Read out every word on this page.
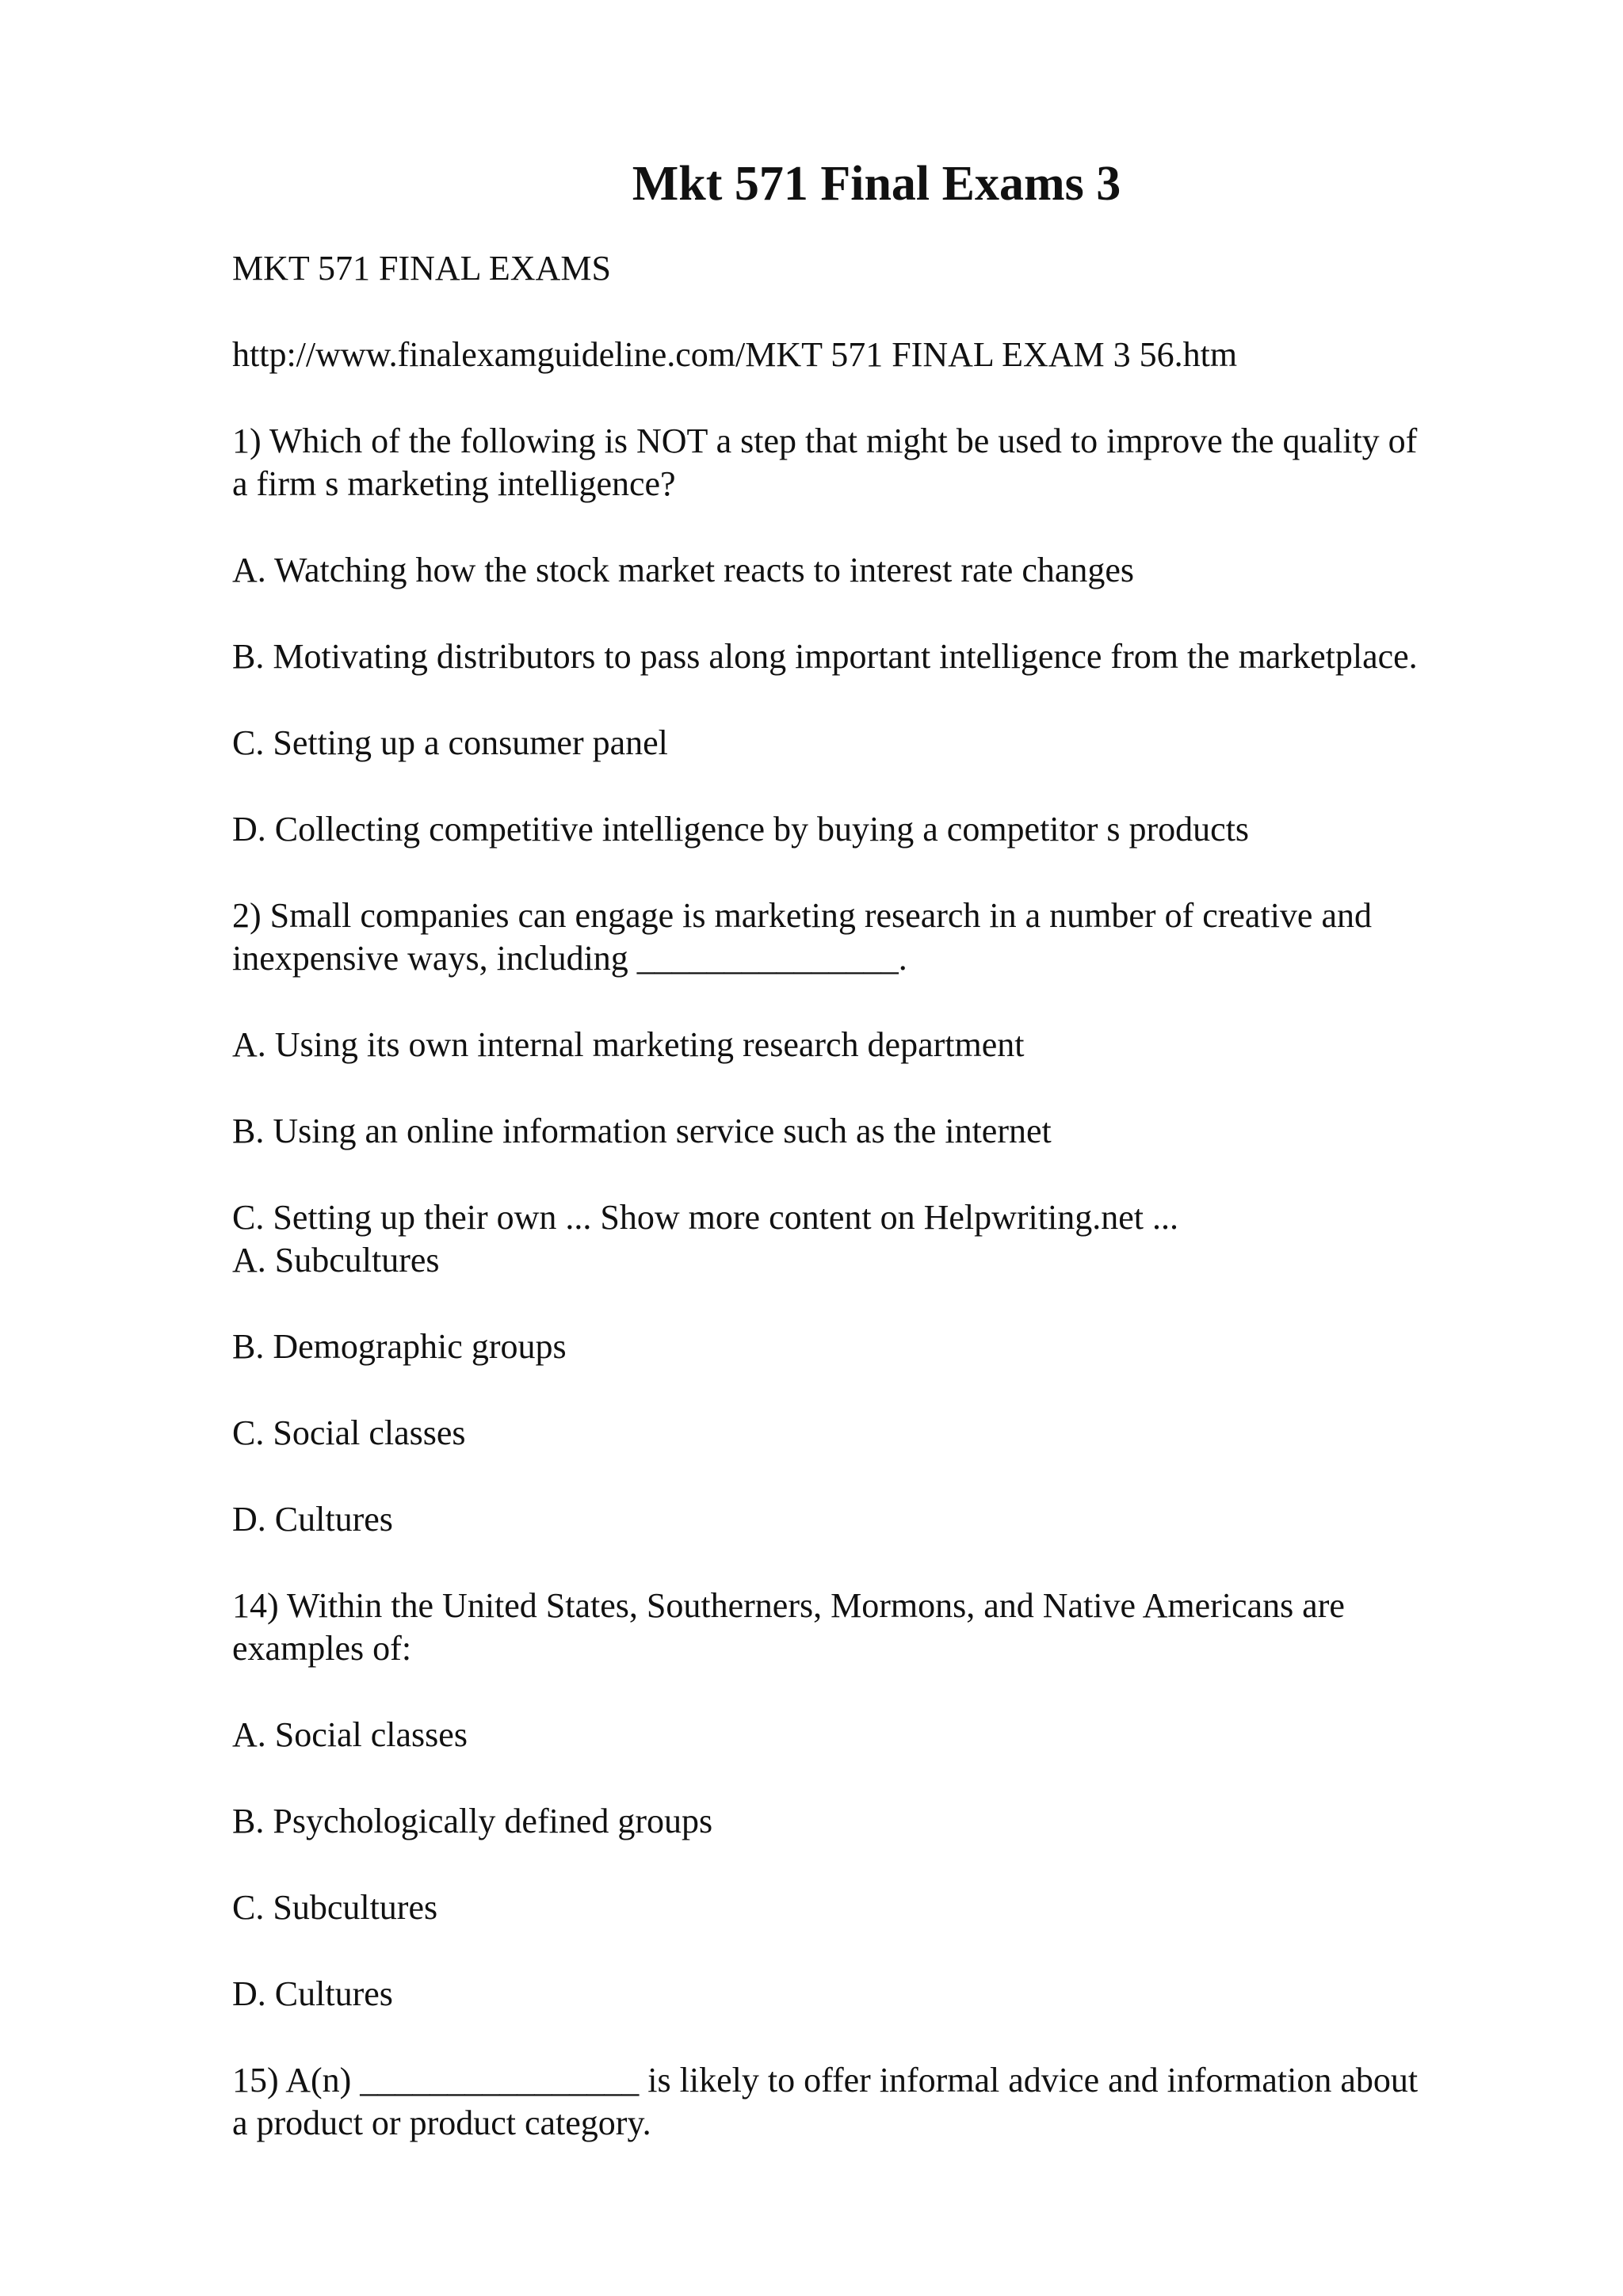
Mkt 571 Final Exams 3

MKT 571 FINAL EXAMS

http://www.finalexamguideline.com/MKT 571 FINAL EXAM 3 56.htm

1) Which of the following is NOT a step that might be used to improve the quality of
a firm s marketing intelligence?

A. Watching how the stock market reacts to interest rate changes

B. Motivating distributors to pass along important intelligence from the marketplace.

C. Setting up a consumer panel

D. Collecting competitive intelligence by buying a competitor s products

2) Small companies can engage is marketing research in a number of creative and
inexpensive ways, including _______________.

A. Using its own internal marketing research department

B. Using an online information service such as the internet

C. Setting up their own ... Show more content on Helpwriting.net ...
A. Subcultures

B. Demographic groups

C. Social classes

D. Cultures

14) Within the United States, Southerners, Mormons, and Native Americans are
examples of:

A. Social classes

B. Psychologically defined groups

C. Subcultures

D. Cultures

15) A(n) ________________ is likely to offer informal advice and information about
a product or product category.
